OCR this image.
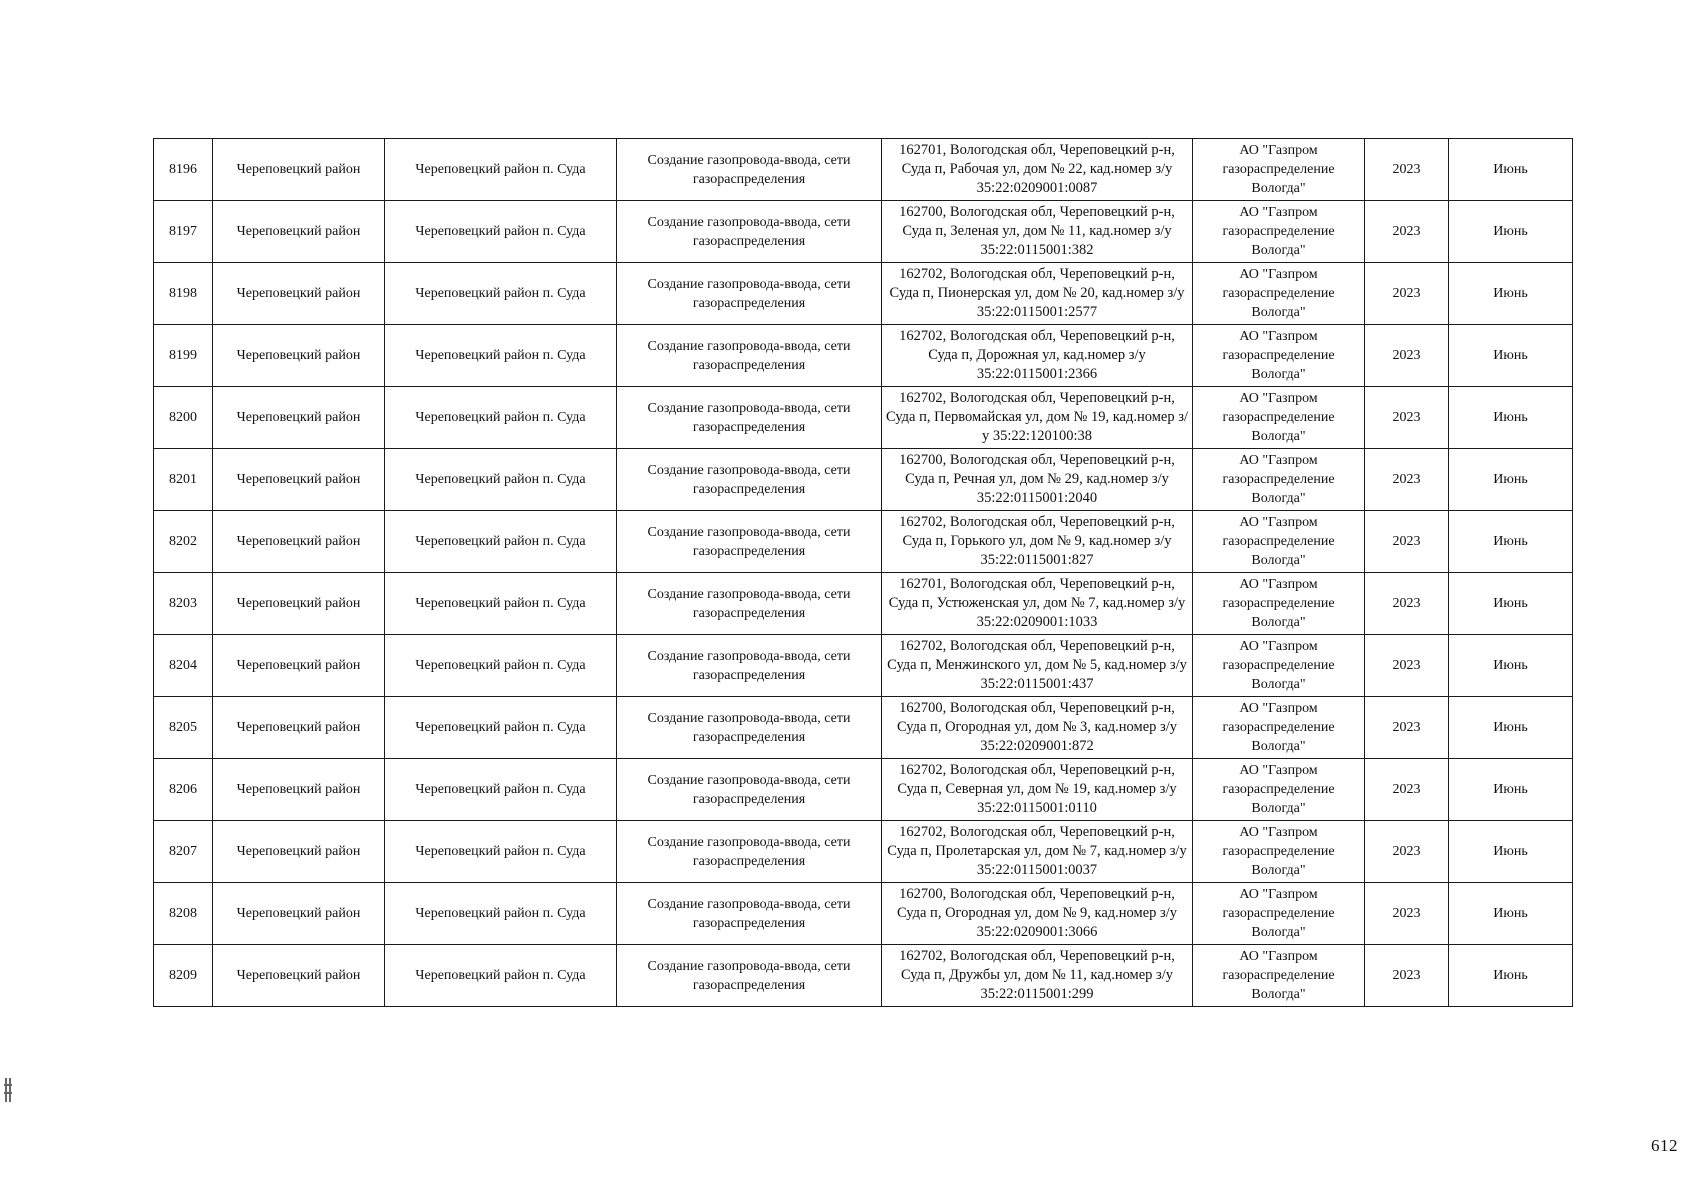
8196	Череповецкий район	Череповецкий район п. Суда	Создание газопровода-ввода, сети газораспределения	162701, Вологодская обл, Череповецкий р-н, Суда п, Рабочая ул, дом № 22, кад.номер з/у 35:22:0209001:0087	АО "Газпром газораспределение Вологда"	2023	Июнь
8197	Череповецкий район	Череповецкий район п. Суда	Создание газопровода-ввода, сети газораспределения	162700, Вологодская обл, Череповецкий р-н, Суда п, Зеленая ул, дом № 11, кад.номер з/у 35:22:0115001:382	АО "Газпром газораспределение Вологда"	2023	Июнь
8198	Череповецкий район	Череповецкий район п. Суда	Создание газопровода-ввода, сети газораспределения	162702, Вологодская обл, Череповецкий р-н, Суда п, Пионерская ул, дом № 20, кад.номер з/у 35:22:0115001:2577	АО "Газпром газораспределение Вологда"	2023	Июнь
8199	Череповецкий район	Череповецкий район п. Суда	Создание газопровода-ввода, сети газораспределения	162702, Вологодская обл, Череповецкий р-н, Суда п, Дорожная ул, кад.номер з/у 35:22:0115001:2366	АО "Газпром газораспределение Вологда"	2023	Июнь
8200	Череповецкий район	Череповецкий район п. Суда	Создание газопровода-ввода, сети газораспределения	162702, Вологодская обл, Череповецкий р-н, Суда п, Первомайская ул, дом № 19, кад.номер з/у 35:22:120100:38	АО "Газпром газораспределение Вологда"	2023	Июнь
8201	Череповецкий район	Череповецкий район п. Суда	Создание газопровода-ввода, сети газораспределения	162700, Вологодская обл, Череповецкий р-н, Суда п, Речная ул, дом № 29, кад.номер з/у 35:22:0115001:2040	АО "Газпром газораспределение Вологда"	2023	Июнь
8202	Череповецкий район	Череповецкий район п. Суда	Создание газопровода-ввода, сети газораспределения	162702, Вологодская обл, Череповецкий р-н, Суда п, Горького ул, дом № 9, кад.номер з/у 35:22:0115001:827	АО "Газпром газораспределение Вологда"	2023	Июнь
8203	Череповецкий район	Череповецкий район п. Суда	Создание газопровода-ввода, сети газораспределения	162701, Вологодская обл, Череповецкий р-н, Суда п, Устюженская ул, дом № 7, кад.номер з/у 35:22:0209001:1033	АО "Газпром газораспределение Вологда"	2023	Июнь
8204	Череповецкий район	Череповецкий район п. Суда	Создание газопровода-ввода, сети газораспределения	162702, Вологодская обл, Череповецкий р-н, Суда п, Менжинского ул, дом № 5, кад.номер з/у 35:22:0115001:437	АО "Газпром газораспределение Вологда"	2023	Июнь
8205	Череповецкий район	Череповецкий район п. Суда	Создание газопровода-ввода, сети газораспределения	162700, Вологодская обл, Череповецкий р-н, Суда п, Огородная ул, дом № 3, кад.номер з/у 35:22:0209001:872	АО "Газпром газораспределение Вологда"	2023	Июнь
8206	Череповецкий район	Череповецкий район п. Суда	Создание газопровода-ввода, сети газораспределения	162702, Вологодская обл, Череповецкий р-н, Суда п, Северная ул, дом № 19, кад.номер з/у 35:22:0115001:0110	АО "Газпром газораспределение Вологда"	2023	Июнь
8207	Череповецкий район	Череповецкий район п. Суда	Создание газопровода-ввода, сети газораспределения	162702, Вологодская обл, Череповецкий р-н, Суда п, Пролетарская ул, дом № 7, кад.номер з/у 35:22:0115001:0037	АО "Газпром газораспределение Вологда"	2023	Июнь
8208	Череповецкий район	Череповецкий район п. Суда	Создание газопровода-ввода, сети газораспределения	162700, Вологодская обл, Череповецкий р-н, Суда п, Огородная ул, дом № 9, кад.номер з/у 35:22:0209001:3066	АО "Газпром газораспределение Вологда"	2023	Июнь
8209	Череповецкий район	Череповецкий район п. Суда	Создание газопровода-ввода, сети газораспределения	162702, Вологодская обл, Череповецкий р-н, Суда п, Дружбы ул, дом № 11, кад.номер з/у 35:22:0115001:299	АО "Газпром газораспределение Вологда"	2023	Июнь
612
